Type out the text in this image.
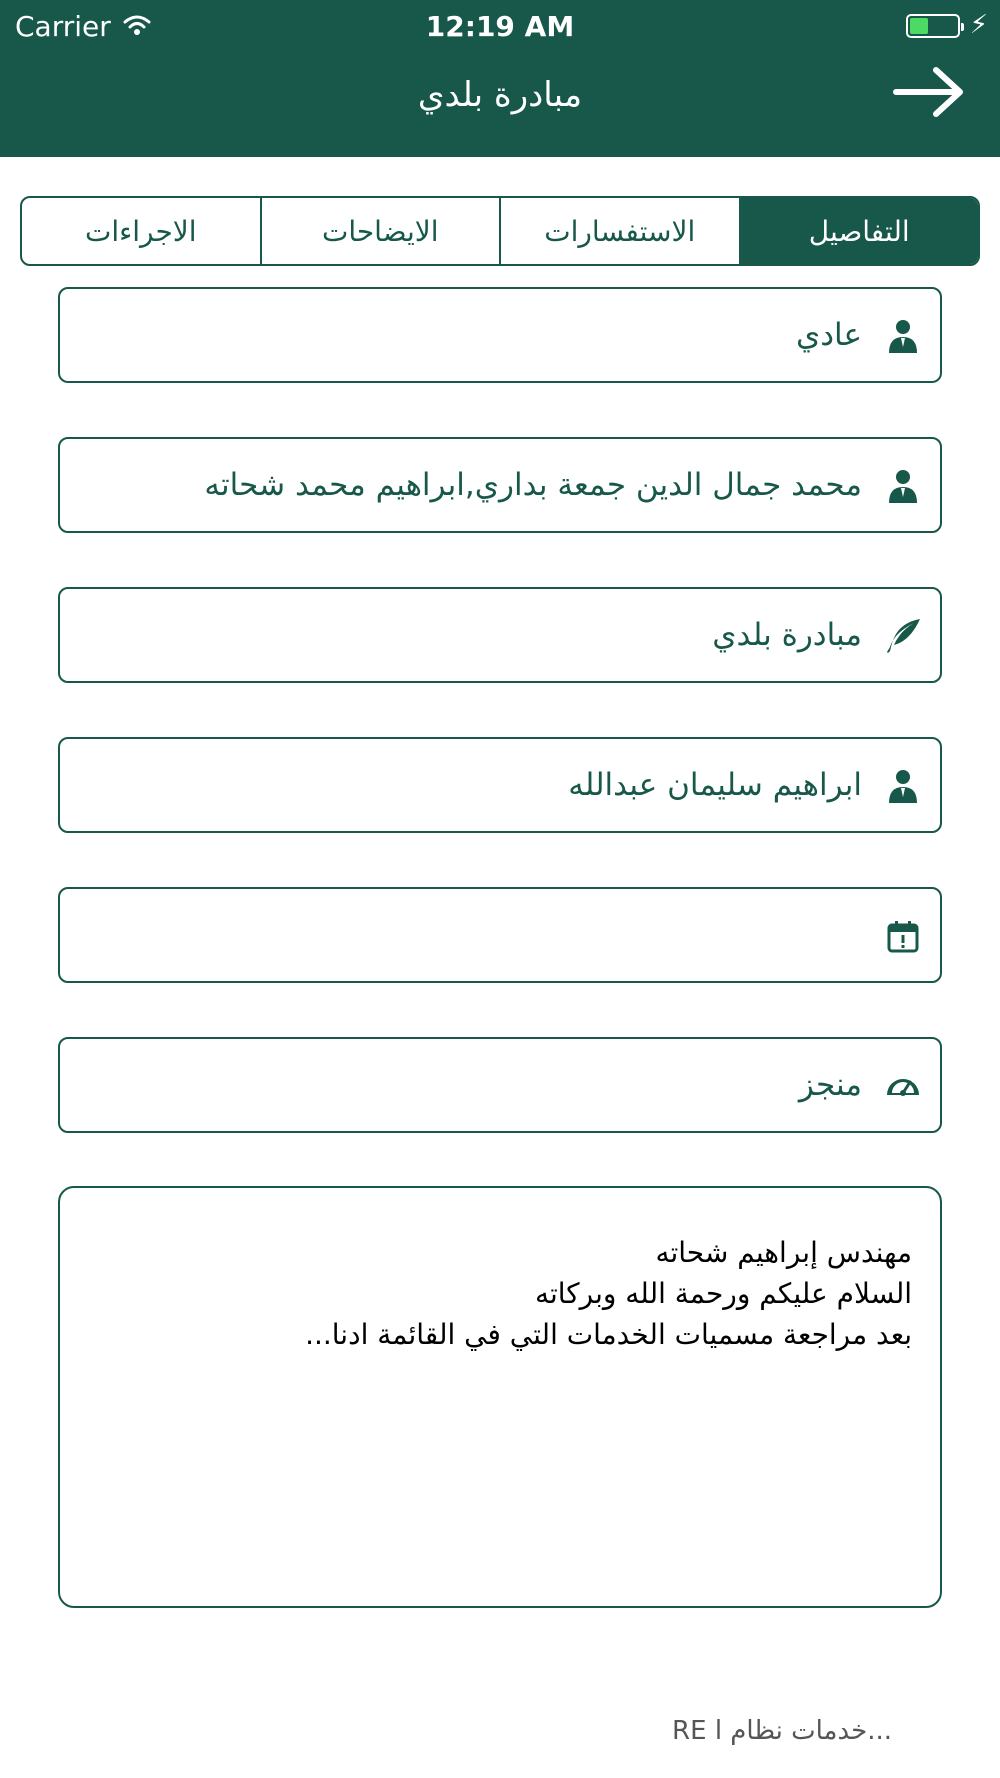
Carrier	12:19 AM	⚡
مبادرة بلدي
التفاصيل
الاستفسارات
الايضاحات
الاجراءات
عادي
محمد جمال الدين جمعة بداري,ابراهيم محمد شحاته
مبادرة بلدي
ابراهيم سليمان عبدالله
منجز
مهندس إبراهيم شحاته
السلام عليكم ورحمة الله وبركاته
بعد مراجعة مسميات الخدمات التي في القائمة ادنا...
RE خدمات نظام ا...
